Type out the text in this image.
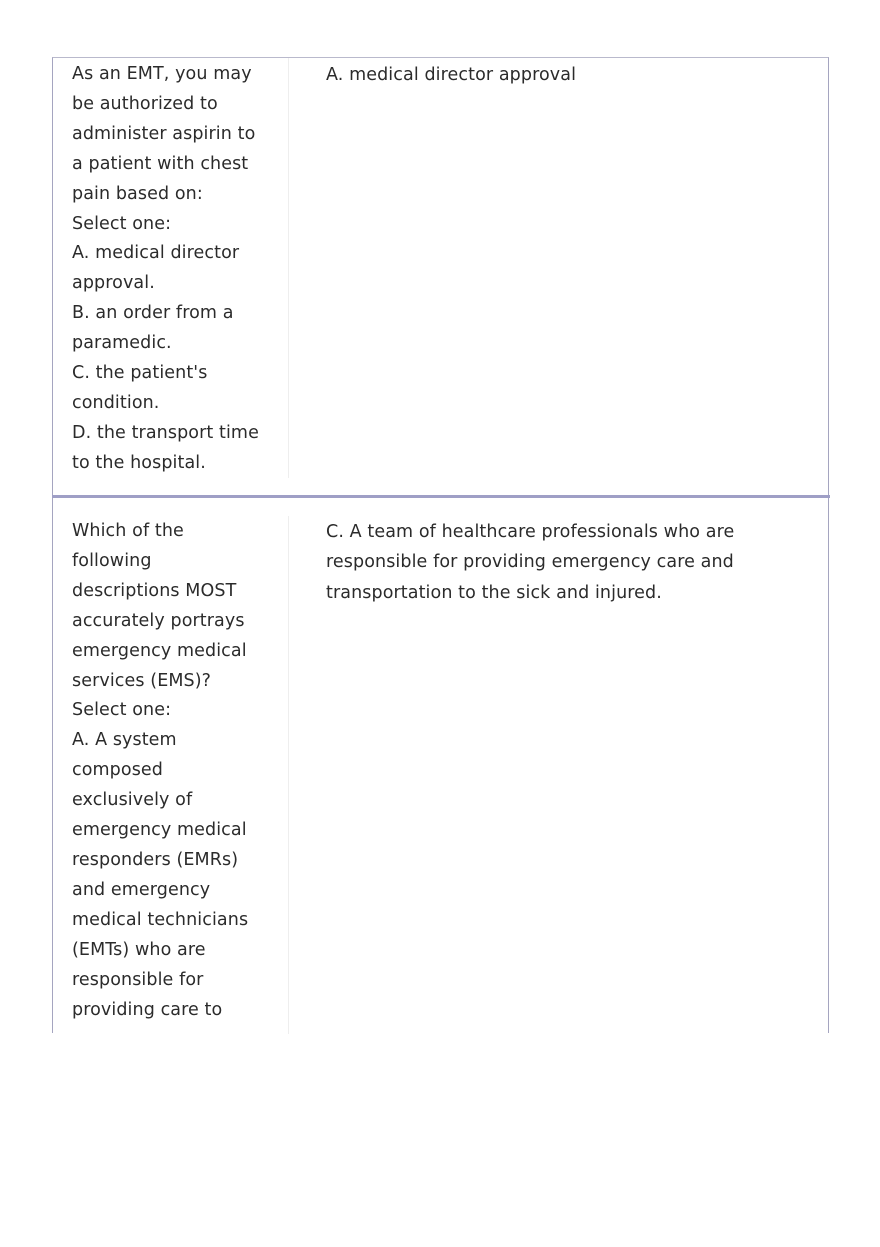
As an EMT, you may
be authorized to
administer aspirin to
a patient with chest
pain based on:
Select one:
A. medical director
approval.
B. an order from a
paramedic.
C. the patient's
condition.
D. the transport time
to the hospital.
A. medical director approval
Which of the
following
descriptions MOST
accurately portrays
emergency medical
services (EMS)?
Select one:
A. A system
composed
exclusively of
emergency medical
responders (EMRs)
and emergency
medical technicians
(EMTs) who are
responsible for
providing care to
C. A team of healthcare professionals who are
responsible for providing emergency care and
transportation to the sick and injured.
